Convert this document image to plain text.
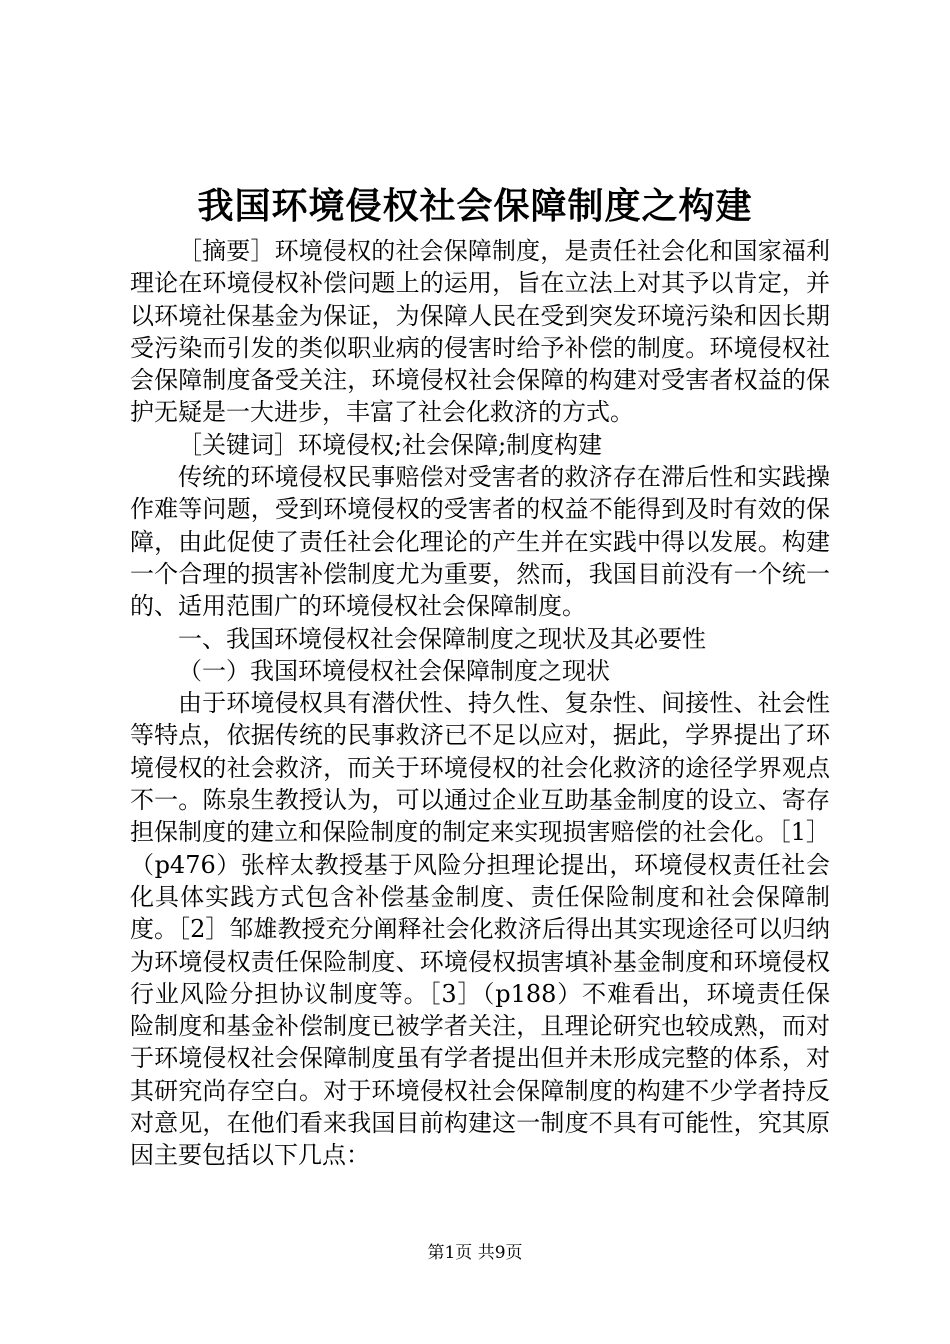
我国环境侵权社会保障制度之构建

［摘要］环境侵权的社会保障制度，是责任社会化和国家福利理论在环境侵权补偿问题上的运用，旨在立法上对其予以肯定，并以环境社保基金为保证，为保障人民在受到突发环境污染和因长期受污染而引发的类似职业病的侵害时给予补偿的制度。环境侵权社会保障制度备受关注，环境侵权社会保障的构建对受害者权益的保护无疑是一大进步，丰富了社会化救济的方式。

［关键词］环境侵权;社会保障;制度构建

传统的环境侵权民事赔偿对受害者的救济存在滞后性和实践操作难等问题，受到环境侵权的受害者的权益不能得到及时有效的保障，由此促使了责任社会化理论的产生并在实践中得以发展。构建一个合理的损害补偿制度尤为重要，然而，我国目前没有一个统一的、适用范围广的环境侵权社会保障制度。

一、我国环境侵权社会保障制度之现状及其必要性

（一）我国环境侵权社会保障制度之现状

由于环境侵权具有潜伏性、持久性、复杂性、间接性、社会性等特点，依据传统的民事救济已不足以应对，据此，学界提出了环境侵权的社会救济，而关于环境侵权的社会化救济的途径学界观点不一。陈泉生教授认为，可以通过企业互助基金制度的设立、寄存担保制度的建立和保险制度的制定来实现损害赔偿的社会化。［1］（p476）张梓太教授基于风险分担理论提出，环境侵权责任社会化具体实践方式包含补偿基金制度、责任保险制度和社会保障制度。［2］邹雄教授充分阐释社会化救济后得出其实现途径可以归纳为环境侵权责任保险制度、环境侵权损害填补基金制度和环境侵权行业风险分担协议制度等。［3］（p188）不难看出，环境责任保险制度和基金补偿制度已被学者关注，且理论研究也较成熟，而对于环境侵权社会保障制度虽有学者提出但并未形成完整的体系，对其研究尚存空白。对于环境侵权社会保障制度的构建不少学者持反对意见，在他们看来我国目前构建这一制度不具有可能性，究其原因主要包括以下几点：

第1页 共9页
